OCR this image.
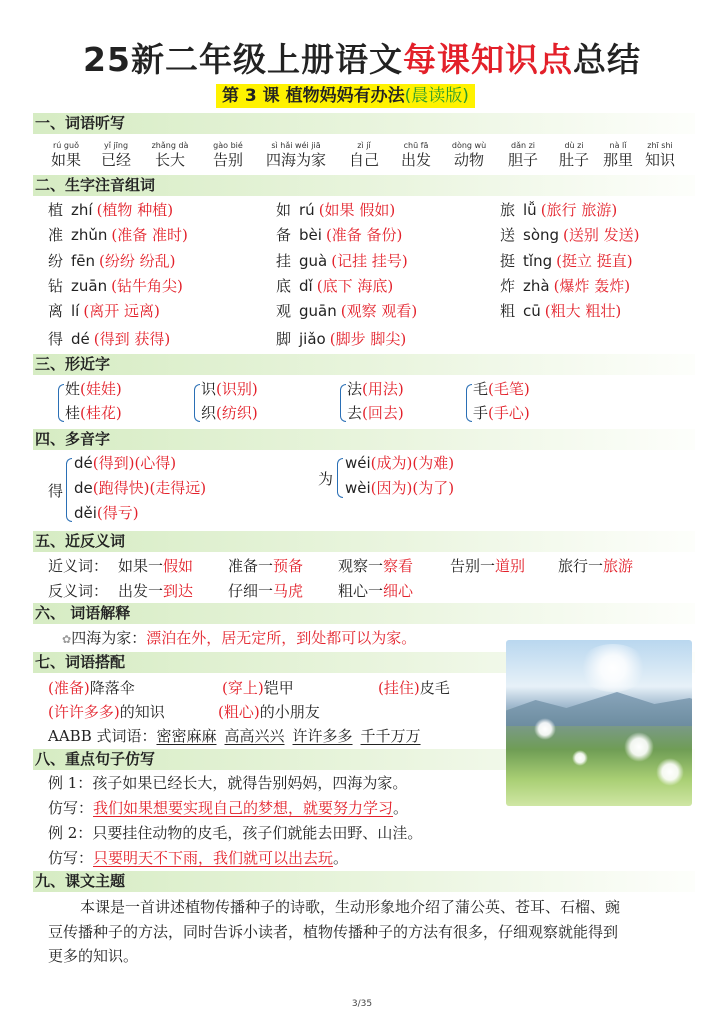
25新二年级上册语文每课知识点总结
第 3 课 植物妈妈有办法(晨读版)
一、词语听写
rú guǒ
如果
yǐ jīng
已经
zhǎng dà
长大
gào bié
告别
sì hǎi wéi jiā
四海为家
zì jǐ
自己
chū fā
出发
dòng wù
动物
dǎn zi
胆子
dù zi
肚子
nà lǐ
那里
zhī shi
知识
二、生字注音组词
植 zhí (植物 种植)	如 rú (如果 假如)	旅 lǚ (旅行 旅游)
准 zhǔn (准备 准时)	备 bèi (准备 备份)	送 sòng (送别 发送)
纷 fēn (纷纷 纷乱)	挂 guà (记挂 挂号)	挺 tǐng (挺立 挺直)
钻 zuān (钻牛角尖)	底 dǐ (底下 海底)	炸 zhà (爆炸 轰炸)
离 lí (离开 远离)	观 guān (观察 观看)	粗 cū (粗大 粗壮)
得 dé (得到 获得)	脚 jiǎo (脚步 脚尖)
三、形近字
姓(娃娃)
桂(桂花)
识(识别)
织(纺织)
法(用法)
去(回去)
毛(毛笔)
手(手心)
四、多音字
得
dé(得到)(心得)
de(跑得快)(走得远)
děi(得亏)
为
wéi(成为)(为难)
wèi(因为)(为了)
五、近反义词
近义词： 如果一假如 准备一预备 观察一察看 告别一道别 旅行一旅游
反义词： 出发一到达 仔细一马虎 粗心一细心
六、 词语解释
✿四海为家：漂泊在外，居无定所，到处都可以为家。
七、词语搭配
(准备)降落伞	(穿上)铠甲	(挂住)皮毛
(许许多多)的知识	(粗心)的小朋友
AABB 式词语：密密麻麻 高高兴兴 许许多多 千千万万
八、重点句子仿写
例 1：孩子如果已经长大，就得告别妈妈，四海为家。
仿写：我们如果想要实现自己的梦想，就要努力学习。
例 2：只要挂住动物的皮毛，孩子们就能去田野、山洼。
仿写：只要明天不下雨，我们就可以出去玩。
九、课文主题
本课是一首讲述植物传播种子的诗歌，生动形象地介绍了蒲公英、苍耳、石榴、豌
豆传播种子的方法，同时告诉小读者，植物传播种子的方法有很多，仔细观察就能得到
更多的知识。
3/35
